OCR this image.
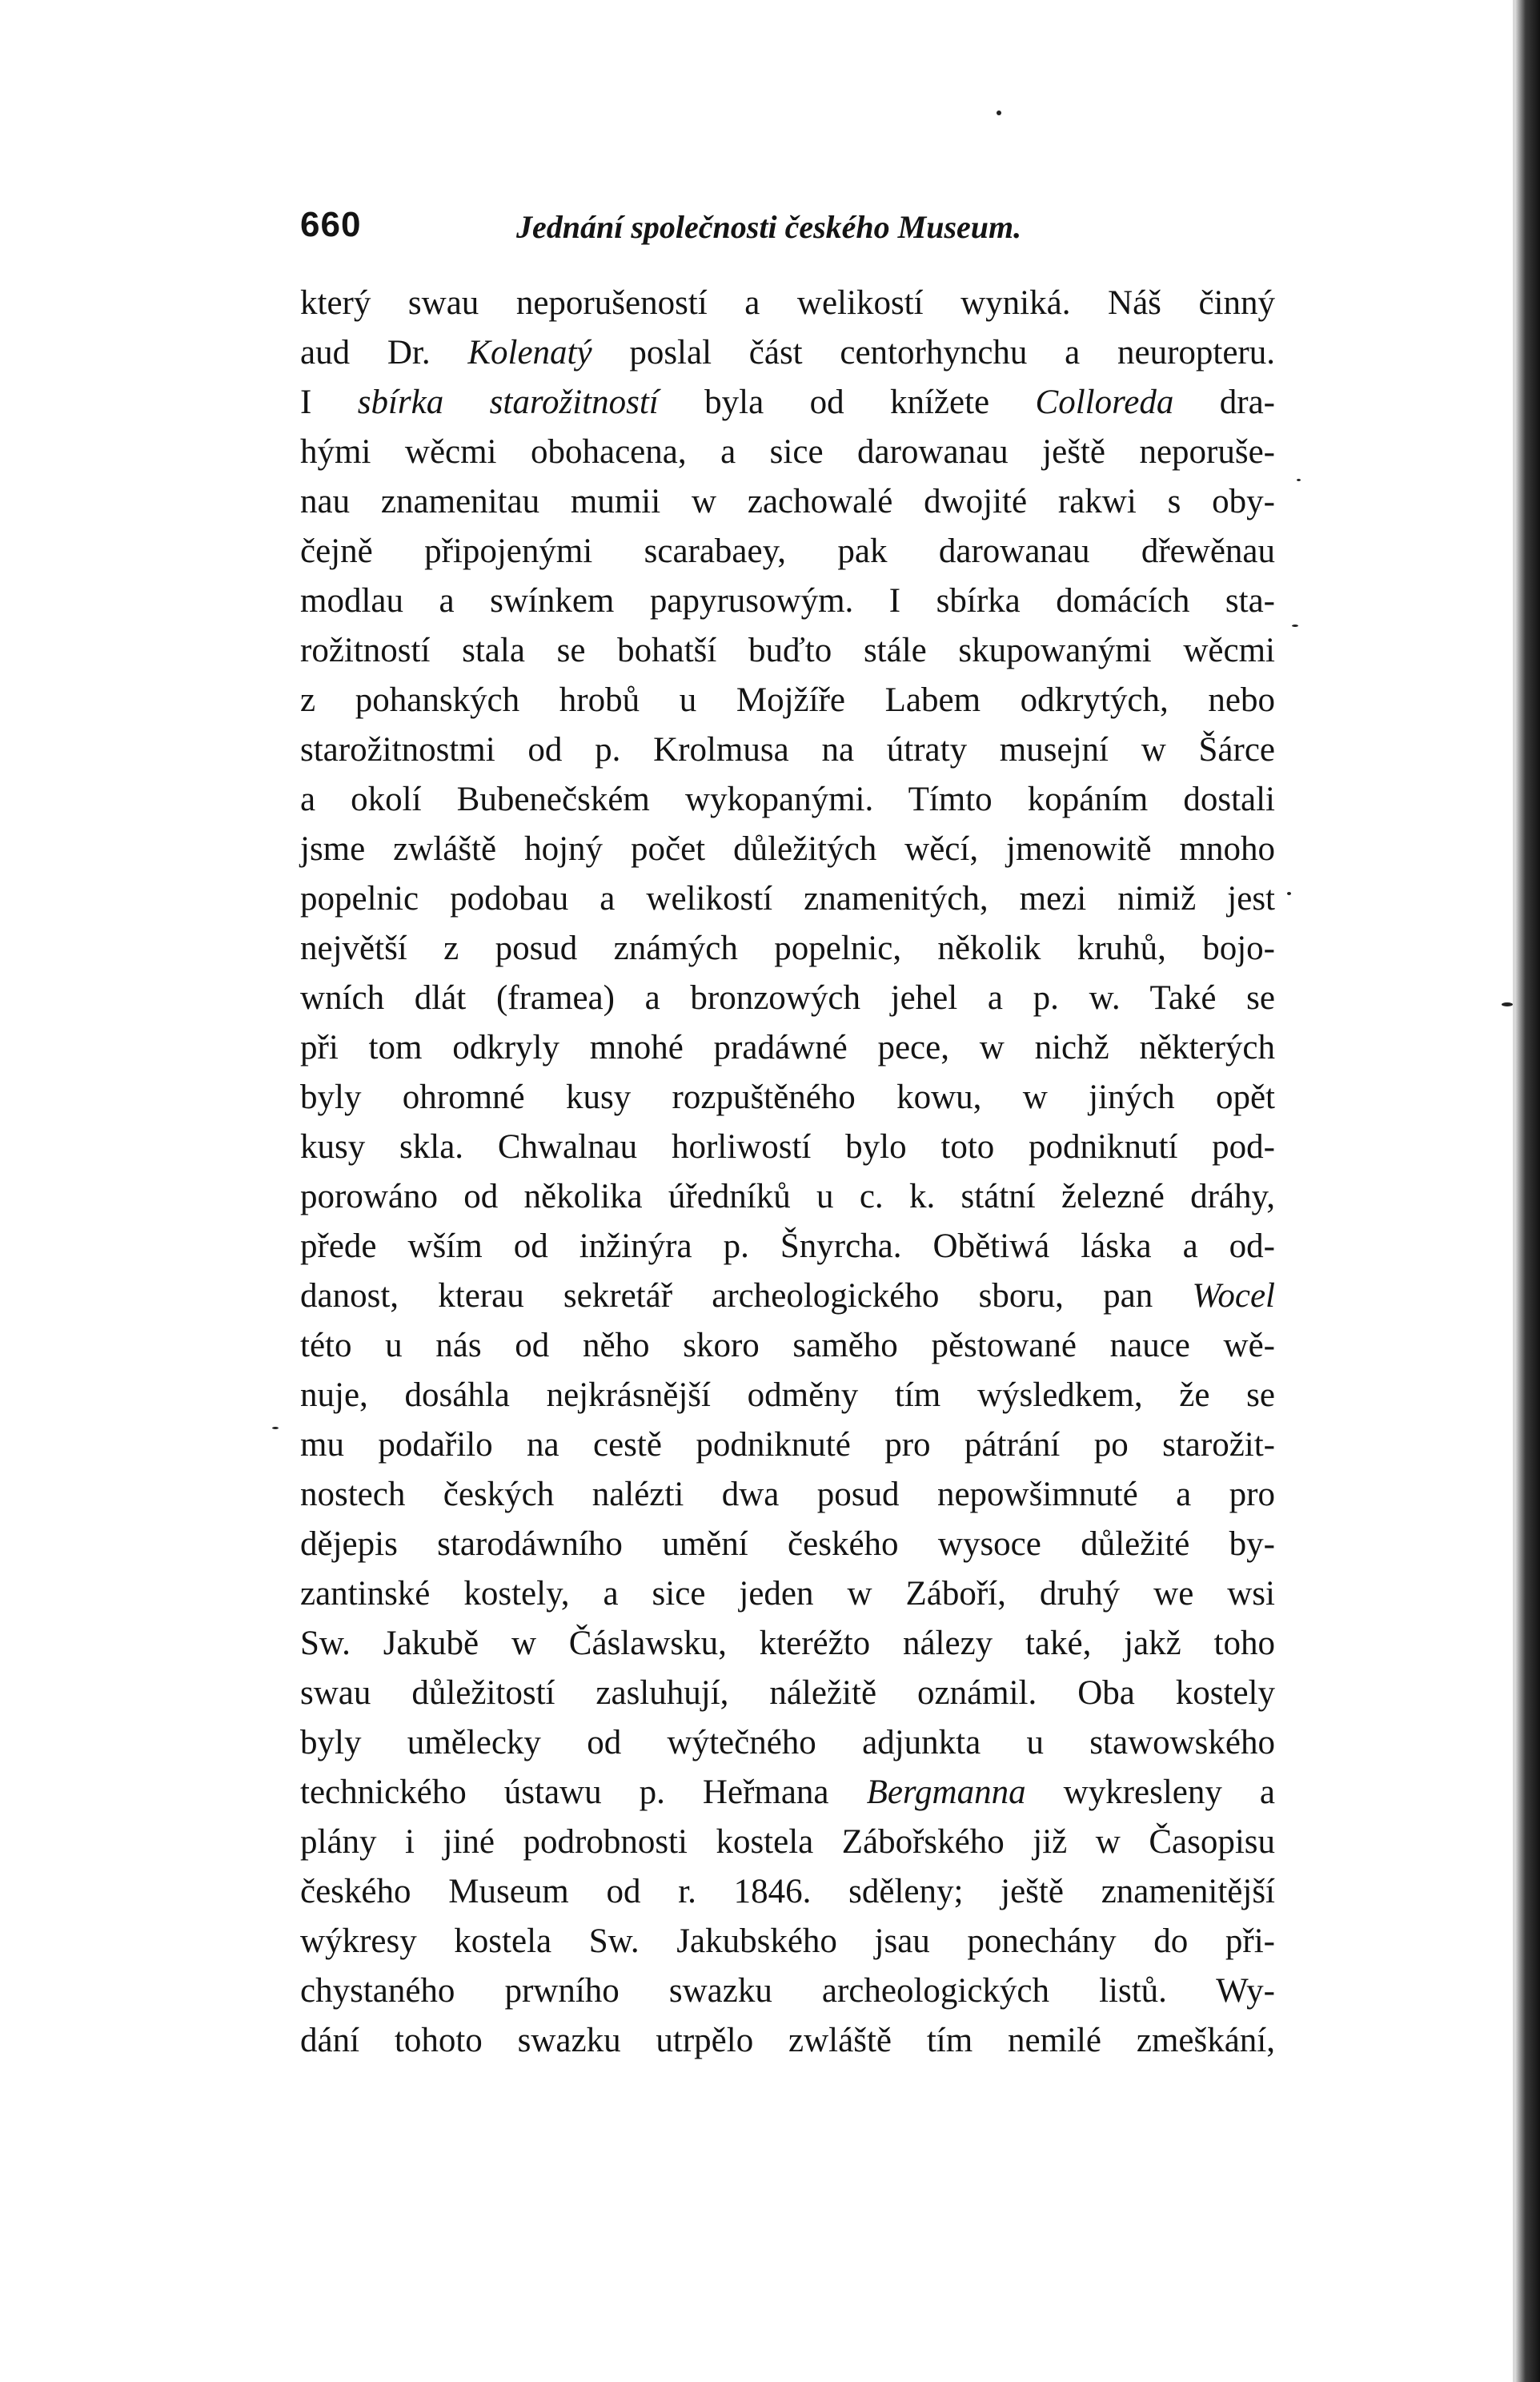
660	Jednání společnosti českého Museum.
který swau neporušeností a welikostí wyniká. Náš činný
aud Dr. Kolenatý poslal část centorhynchu a neuropteru.
I sbírka starožitností byla od knížete Colloreda dra-
hými wěcmi obohacena, a sice darowanau ještě neporuše-
nau znamenitau mumii w zachowalé dwojité rakwi s oby-
čejně připojenými scarabaey, pak darowanau dřewěnau
modlau a swínkem papyrusowým. I sbírka domácích sta-
rožitností stala se bohatší buďto stále skupowanými wěcmi
z pohanských hrobů u Mojžíře Labem odkrytých, nebo
starožitnostmi od p. Krolmusa na útraty musejní w Šárce
a okolí Bubenečském wykopanými. Tímto kopáním dostali
jsme zwláště hojný počet důležitých wěcí, jmenowitě mnoho
popelnic podobau a welikostí znamenitých, mezi nimiž jest
největší z posud známých popelnic, několik kruhů, bojo-
wních dlát (framea) a bronzowých jehel a p. w. Také se
při tom odkryly mnohé pradáwné pece, w nichž některých
byly ohromné kusy rozpuštěného kowu, w jiných opět
kusy skla. Chwalnau horliwostí bylo toto podniknutí pod-
porowáno od několika úředníků u c. k. státní železné dráhy,
přede wším od inžinýra p. Šnyrcha. Obětiwá láska a od-
danost, kterau sekretář archeologického sboru, pan Wocel
této u nás od něho skoro saměho pěstowané nauce wě-
nuje, dosáhla nejkrásnější odměny tím wýsledkem, že se
mu podařilo na cestě podniknuté pro pátrání po starožit-
nostech českých nalézti dwa posud nepowšimnuté a pro
dějepis starodáwního umění českého wysoce důležité by-
zantinské kostely, a sice jeden w Záboří, druhý we wsi
Sw. Jakubě w Čáslawsku, kteréžto nálezy také, jakž toho
swau důležitostí zasluhují, náležitě oznámil. Oba kostely
byly umělecky od wýtečného adjunkta u stawowského
technického ústawu p. Heřmana Bergmanna wykresleny a
plány i jiné podrobnosti kostela Zábořského již w Časopisu
českého Museum od r. 1846. sděleny; ještě znamenitější
wýkresy kostela Sw. Jakubského jsau ponechány do při-
chystaného prwního swazku archeologických listů. Wy-
dání tohoto swazku utrpělo zwláště tím nemilé zmeškání,
